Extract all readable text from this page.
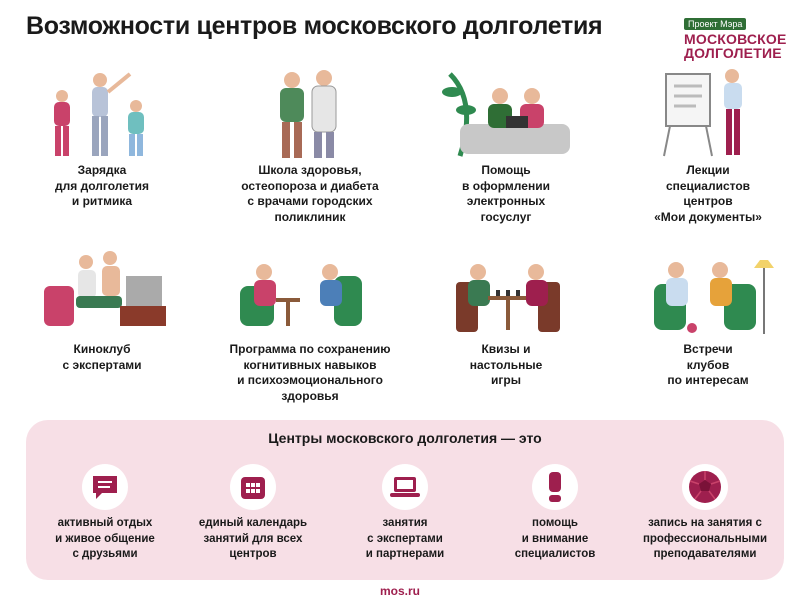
Возможности центров московского долголетия	Проект Мэра
МОСКОВСКОЕ
ДОЛГОЛЕТИЕ
Зарядка
для долголетия
и ритмика
Школа здоровья,
остеопороза и диабета
с врачами городских
поликлиник
Помощь
в оформлении
электронных
госуслуг
Лекции
специалистов
центров
«Мои документы»
Киноклуб
с экспертами
Программа по сохранению
когнитивных навыков
и психоэмоционального
здоровья
Квизы и
настольные
игры
Встречи
клубов
по интересам
Центры московского долголетия — это
активный отдых
и живое общение
с друзьями
единый календарь
занятий для всех
центров
занятия
с экспертами
и партнерами
помощь
и внимание
специалистов
запись на занятия с
профессиональными
преподавателями
mos.ru
